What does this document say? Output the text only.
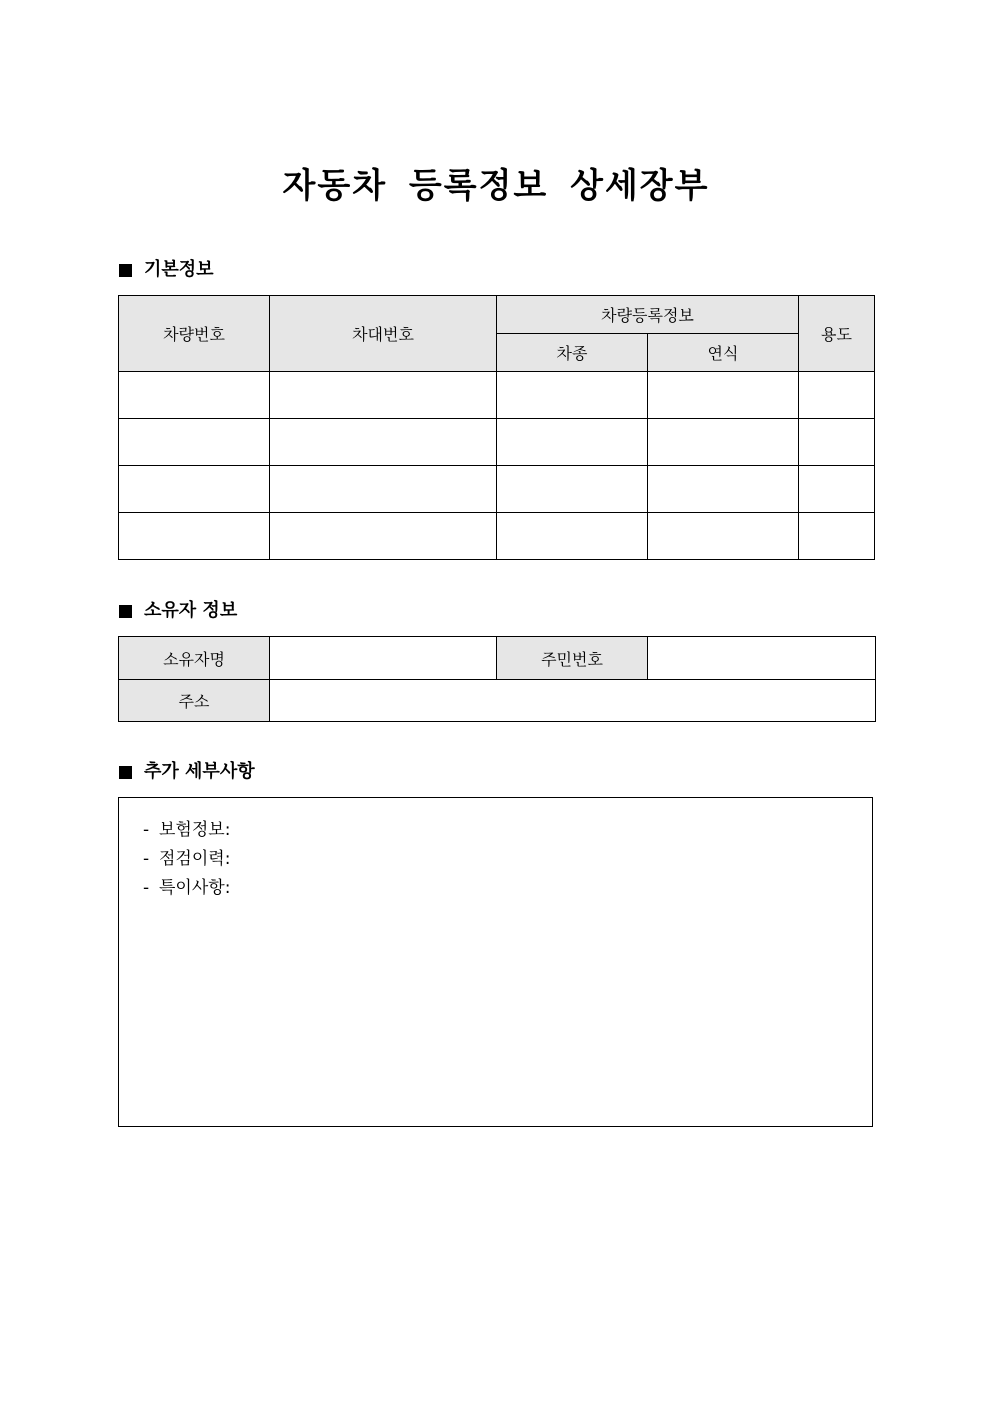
자동차 등록정보 상세장부
기본정보
차량번호	차대번호	차량등록정보		용도
		차종	연식	

소유자 정보
소유자명		주민번호	
주소			
추가 세부사항
- 보험정보:
- 점검이력:
- 특이사항:
